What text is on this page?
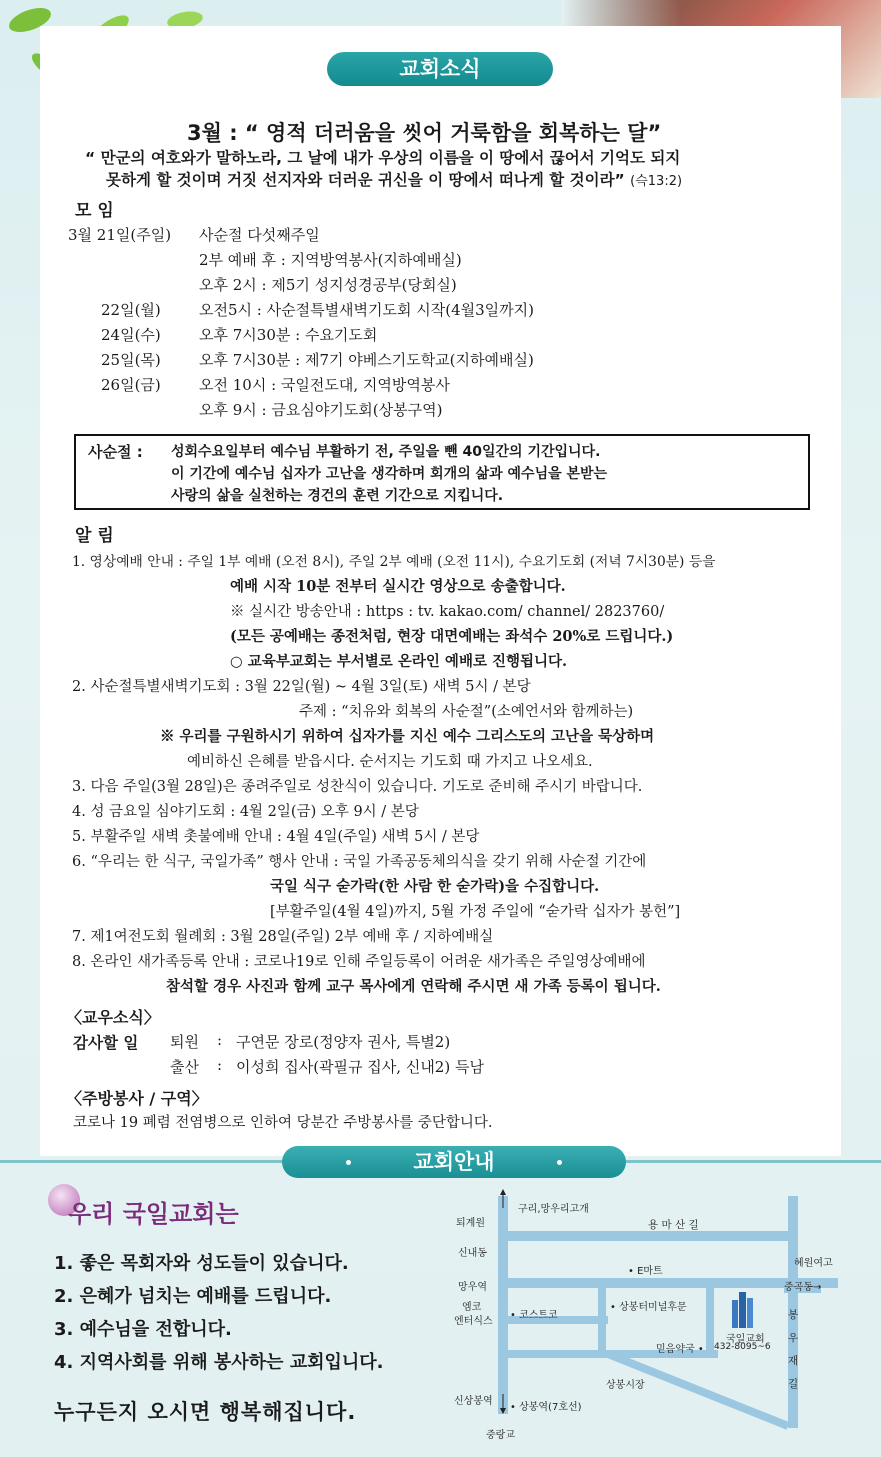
교회소식
3월 : “ 영적 더러움을 씻어 거룩함을 회복하는 달”
“ 만군의 여호와가 말하노라, 그 날에 내가 우상의 이름을 이 땅에서 끊어서 기억도 되지
못하게 할 것이며 거짓 선지자와 더러운 귀신을 이 땅에서 떠나게 할 것이라” (슥13:2)
모 임
3월 21일(주일) 사순절 다섯째주일
2부 예배 후 : 지역방역봉사(지하예배실)
오후 2시 : 제5기 성지성경공부(당회실)
22일(월)	오전5시 : 사순절특별새벽기도회 시작(4월3일까지)
24일(수)	오후 7시30분 : 수요기도회
25일(목)	오후 7시30분 : 제7기 야베스기도학교(지하예배실)
26일(금)	오전 10시 : 국일전도대, 지역방역봉사
오후 9시 : 금요심야기도회(상봉구역)
사순절 : 성회수요일부터 예수님 부활하기 전, 주일을 뺀 40일간의 기간입니다.
이 기간에 예수님 십자가 고난을 생각하며 회개의 삶과 예수님을 본받는
사랑의 삶을 실천하는 경건의 훈련 기간으로 지킵니다.
알 림
1. 영상예배 안내 : 주일 1부 예배 (오전 8시), 주일 2부 예배 (오전 11시), 수요기도회 (저녁 7시30분) 등을
예배 시작 10분 전부터 실시간 영상으로 송출합니다.
※ 실시간 방송안내 : https : tv. kakao.com/ channel/ 2823760/
(모든 공예배는 종전처럼, 현장 대면예배는 좌석수 20%로 드립니다.)
○ 교육부교회는 부서별로 온라인 예배로 진행됩니다.
2. 사순절특별새벽기도회 : 3월 22일(월) ~ 4월 3일(토) 새벽 5시 / 본당
주제 : “치유와 회복의 사순절”(소예언서와 함께하는)
※ 우리를 구원하시기 위하여 십자가를 지신 예수 그리스도의 고난을 묵상하며
예비하신 은혜를 받읍시다. 순서지는 기도회 때 가지고 나오세요.
3. 다음 주일(3월 28일)은 종려주일로 성찬식이 있습니다. 기도로 준비해 주시기 바랍니다.
4. 성 금요일 심야기도회 : 4월 2일(금) 오후 9시 / 본당
5. 부활주일 새벽 촛불예배 안내 : 4월 4일(주일) 새벽 5시 / 본당
6. “우리는 한 식구, 국일가족” 행사 안내 : 국일 가족공동체의식을 갖기 위해 사순절 기간에
국일 식구 숟가락(한 사람 한 숟가락)을 수집합니다.
[부활주일(4월 4일)까지, 5월 가정 주일에 “숟가락 십자가 봉헌”]
7. 제1여전도회 월례회 : 3월 28일(주일) 2부 예배 후 / 지하예배실
8. 온라인 새가족등록 안내 : 코로나19로 인해 주일등록이 어려운 새가족은 주일영상예배에
참석할 경우 사진과 함께 교구 목사에게 연락해 주시면 새 가족 등록이 됩니다.
〈교우소식〉
감사할 일 퇴원 : 구연문 장로(정양자 권사, 특별2)
출산 : 이성희 집사(곽필규 집사, 신내2) 득남
〈주방봉사 / 구역〉
코로나 19 폐렴 전염병으로 인하여 당분간 주방봉사를 중단합니다.
교회안내
우리 국일교회는
1. 좋은 목회자와 성도들이 있습니다.
2. 은혜가 넘치는 예배를 드립니다.
3. 예수님을 전합니다.
4. 지역사회를 위해 봉사하는 교회입니다.
누구든지 오시면 행복해집니다.
구리,망우리고개
퇴계원	용 마 산 길
신내동
• E마트
혜원여고
망우역	중곡동→
엠코
엔터식스
• 코스트코
• 상봉터미널후문
국일교회
432-8095~6
믿음약국 •
봉우재길
상봉시장
신상봉역
• 상봉역(7호선)
중랑교
